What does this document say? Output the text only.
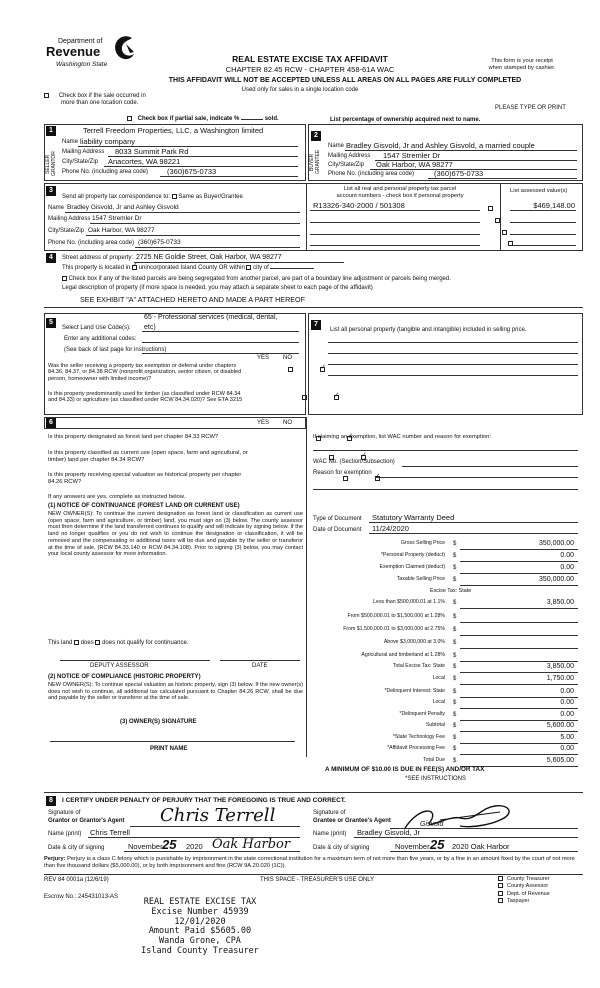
Department of
Revenue
Washington State
REAL ESTATE EXCISE TAX AFFIDAVIT
CHAPTER 82.45 RCW - CHAPTER 458-61A WAC
This form is your receipt
when stamped by cashier.
THIS AFFIDAVIT WILL NOT BE ACCEPTED UNLESS ALL AREAS ON ALL PAGES ARE FULLY COMPLETED
Used only for sales in a single location code
Check box if the sale occurred in
more than one location code.
PLEASE TYPE OR PRINT
Check box if partial sale, indicate %	sold.	List percentage of ownership acquired next to name.
1
SELLER GRANTOR
Terrell Freedom Properties, LLC, a Washington limited
Name liability company
Mailing Address 8033 Summit Park Rd
City/State/Zip Anacortes, WA 98221
Phone No. (including area code)	(360)675-0733
2
BUYER GRANTEE
Name Bradley Gisvold, Jr and Ashley Gisvold, a married couple
Mailing Address 1547 Stremler Dr
City/State/Zip Oak Harbor, WA 98277
Phone No. (including area code)	(360)675-0733
3
Send all property tax correspondence to: Same as Buyer/Grantee
Name Bradley Gisvold, Jr and Ashley Gisvold
Mailing Address 1547 Stremler Dr
City/State/Zip Oak Harbor, WA 98277
Phone No. (including area code) (360)675-0733
List all real and personal property tax parcel
account numbers - check box if personal property
List assessed value(s)
R13326-340-2000 / 501308	$469,148.00

4	Street address of property: 2725 NE Goldie Street, Oak Harbor, WA 98277
This property is located in ✓ unincorporated Island County OR within city of
Check box if any of the listed parcels are being segregated from another parcel, are part of a boundary line adjustment or parcels being merged.
Legal description of property (if more space is needed, you may attach a separate sheet to each page of the affidavit)
SEE EXHIBIT "A" ATTACHED HERETO AND MADE A PART HEREOF
5
65 - Professional services (medical, dental,
Select Land Use Code(s): etc)
Enter any additional codes:
(See back of last page for instructions)
YES NO
Was the seller receiving a property tax exemption or deferral under chapters 84.36, 84.37, or 84.38 RCW (nonprofit organization, senior citizen, or disabled person, homeowner with limited income)?
✓
Is this property predominantly used for timber (as classified under RCW 84.34 and 84.33) or agriculture (as classified under RCW 84.34.020)? See ETA 3215
✓
7
List all personal property (tangible and intangible) included in selling price.
6	YES NO
Is this property designated as forest land per chapter 84.33 RCW?
✓
Is this property classified as current use (open space, farm and agricultural, or timber) land per chapter 84.34 RCW?
✓
Is this property receiving special valuation as historical property per chapter 84.26 RCW?
✓
If any answers are yes, complete as instructed below.
(1) NOTICE OF CONTINUANCE (FOREST LAND OR CURRENT USE)
NEW OWNER(S): To continue the current designation as forest land or classification as current use (open space, farm and agriculture, or timber) land, you must sign on (3) below. The county assessor must then determine if the land transferred continues to qualify and will indicate by signing below. If the land no longer qualifies or you do not wish to continue the designation or classification, it will be removed and the compensating or additional taxes will be due and payable by the seller or transferor at the time of sale. (RCW 84.33.140 or RCW 84.34.108). Prior to signing (3) below, you may contact your local county assessor for more information.
This land does does not qualify for continuance.
DEPUTY ASSESSOR	DATE
(2) NOTICE OF COMPLIANCE (HISTORIC PROPERTY)
NEW OWNER(S): To continue special valuation as historic property, sign (3) below. If the new owner(s) does not wish to continue, all additional tax calculated pursuant to Chapter 84.26 RCW, shall be due and payable by the seller or transferor at the time of sale.
(3) OWNER(S) SIGNATURE
PRINT NAME
If claiming an exemption, list WAC number and reason for exemption:
WAC No. (Section/Subsection)
Reason for exemption
Type of Document Statutory Warranty Deed
Date of Document 11/24/2020
Excise Tax: State
Gross Selling Price $	350,000.00
*Personal Property (deduct) $	0.00
Exemption Claimed (deduct) $	0.00
Taxable Selling Price $	350,000.00
Less than $500,000.01 at 1.1% $	3,850.00
From $500,000.01 to $1,500,000 at 1.28% $
From $1,500,000.01 to $3,000,000 at 2.75% $
Above $3,000,000 at 3.0% $
Agricultural and timberland at 1.28% $
Total Excise Tax: State $	3,850.00
Local $	1,750.00
*Delinquent Interest: State $	0.00
Local $	0.00
*Delinquent Penalty $	0.00
Subtotal $	5,600.00
*State Technology Fee $	5.00
*Affidavit Processing Fee $	0.00
Total Due $	5,605.00
A MINIMUM OF $10.00 IS DUE IN FEE(S) AND/OR TAX
*SEE INSTRUCTIONS
8	I CERTIFY UNDER PENALTY OF PERJURY THAT THE FOREGOING IS TRUE AND CORRECT.
Signature of
Grantor or Grantor's Agent Chris Terrell
Name (print) Chris Terrell
Date & city of signing	November 25 2020 Oak Harbor
Signature of
Grantee or Grantee's Agent	Gisvold
Name (print) Bradley Gisvold, Jr
Date & city of signing	November 25 2020 Oak Harbor
Perjury: Perjury is a class C felony which is punishable by imprisonment in the state correctional institution for a maximum term of not more than five years, or by a fine in an amount fixed by the court of not more than five thousand dollars ($5,000.00), or by both imprisonment and fine (RCW 9A.20.020 (1C)).
REV 84 0001a (12/6/19)	THIS SPACE - TREASURER'S USE ONLY	County Treasurer
County Assessor
Dept. of Revenue
Taxpayer
Escrow No.: 245431013-AS	REAL ESTATE EXCISE TAX
Excise Number 45939
12/01/2020
Amount Paid $5605.00
Wanda Grone, CPA
Island County Treasurer
